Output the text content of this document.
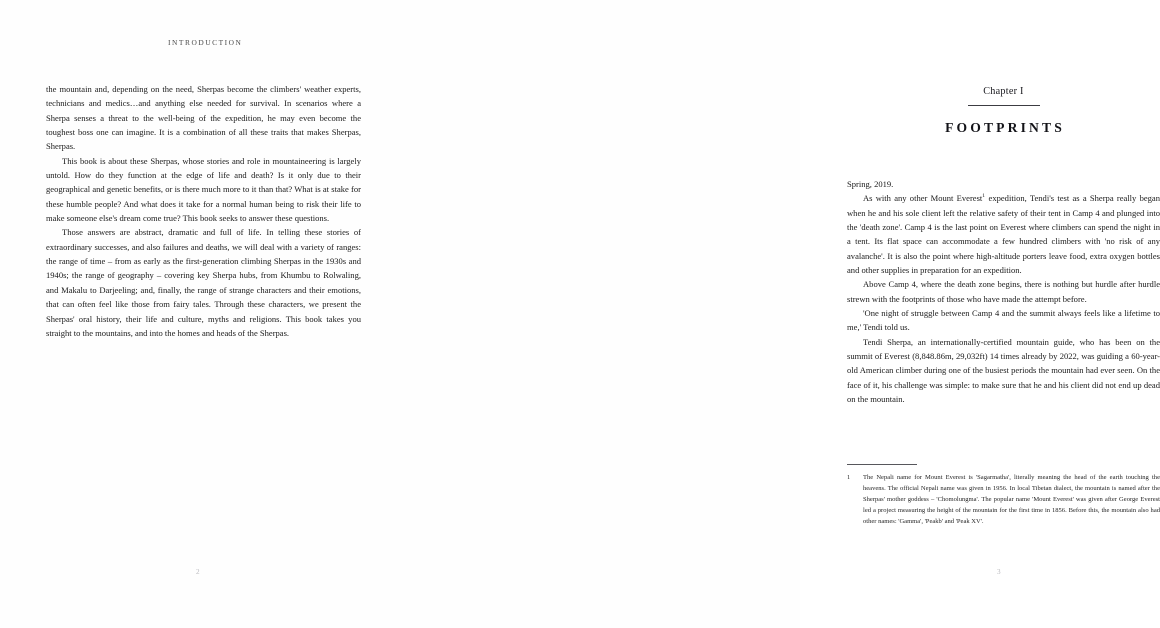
INTRODUCTION

the mountain and, depending on the need, Sherpas become the climbers' weather experts, technicians and medics…and anything else needed for survival. In scenarios where a Sherpa senses a threat to the well-being of the expedition, he may even become the toughest boss one can imagine. It is a combination of all these traits that makes Sherpas, Sherpas.

This book is about these Sherpas, whose stories and role in mountaineering is largely untold. How do they function at the edge of life and death? Is it only due to their geographical and genetic benefits, or is there much more to it than that? What is at stake for these humble people? And what does it take for a normal human being to risk their life to make someone else's dream come true? This book seeks to answer these questions.

Those answers are abstract, dramatic and full of life. In telling these stories of extraordinary successes, and also failures and deaths, we will deal with a variety of ranges: the range of time – from as early as the first-generation climbing Sherpas in the 1930s and 1940s; the range of geography – covering key Sherpa hubs, from Khumbu to Rolwaling, and Makalu to Darjeeling; and, finally, the range of strange characters and their emotions, that can often feel like those from fairy tales. Through these characters, we present the Sherpas' oral history, their life and culture, myths and religions. This book takes you straight to the mountains, and into the homes and heads of the Sherpas.

2

Chapter I

FOOTPRINTS

Spring, 2019.

As with any other Mount Everest$^1$ expedition, Tendi's test as a Sherpa really began when he and his sole client left the relative safety of their tent in Camp 4 and plunged into the 'death zone'. Camp 4 is the last point on Everest where climbers can spend the night in a tent. Its flat space can accommodate a few hundred climbers with 'no risk of any avalanche'. It is also the point where high-altitude porters leave food, extra oxygen bottles and other supplies in preparation for an expedition.

Above Camp 4, where the death zone begins, there is nothing but hurdle after hurdle strewn with the footprints of those who have made the attempt before.

'One night of struggle between Camp 4 and the summit always feels like a lifetime to me,' Tendi told us.

Tendi Sherpa, an internationally-certified mountain guide, who has been on the summit of Everest (8,848.86m, 29,032ft) 14 times already by 2022, was guiding a 60-year-old American climber during one of the busiest periods the mountain had ever seen. On the face of it, his challenge was simple: to make sure that he and his client did not end up dead on the mountain.

1	The Nepali name for Mount Everest is 'Sagarmatha', literally meaning the head of the earth touching the heavens. The official Nepali name was given in 1956. In local Tibetan dialect, the mountain is named after the Sherpas' mother goddess – 'Chomolungma'. The popular name 'Mount Everest' was given after George Everest led a project measuring the height of the mountain for the first time in 1856. Before this, the mountain also had other names: 'Gamma', 'Peakb' and 'Peak XV'.
3
